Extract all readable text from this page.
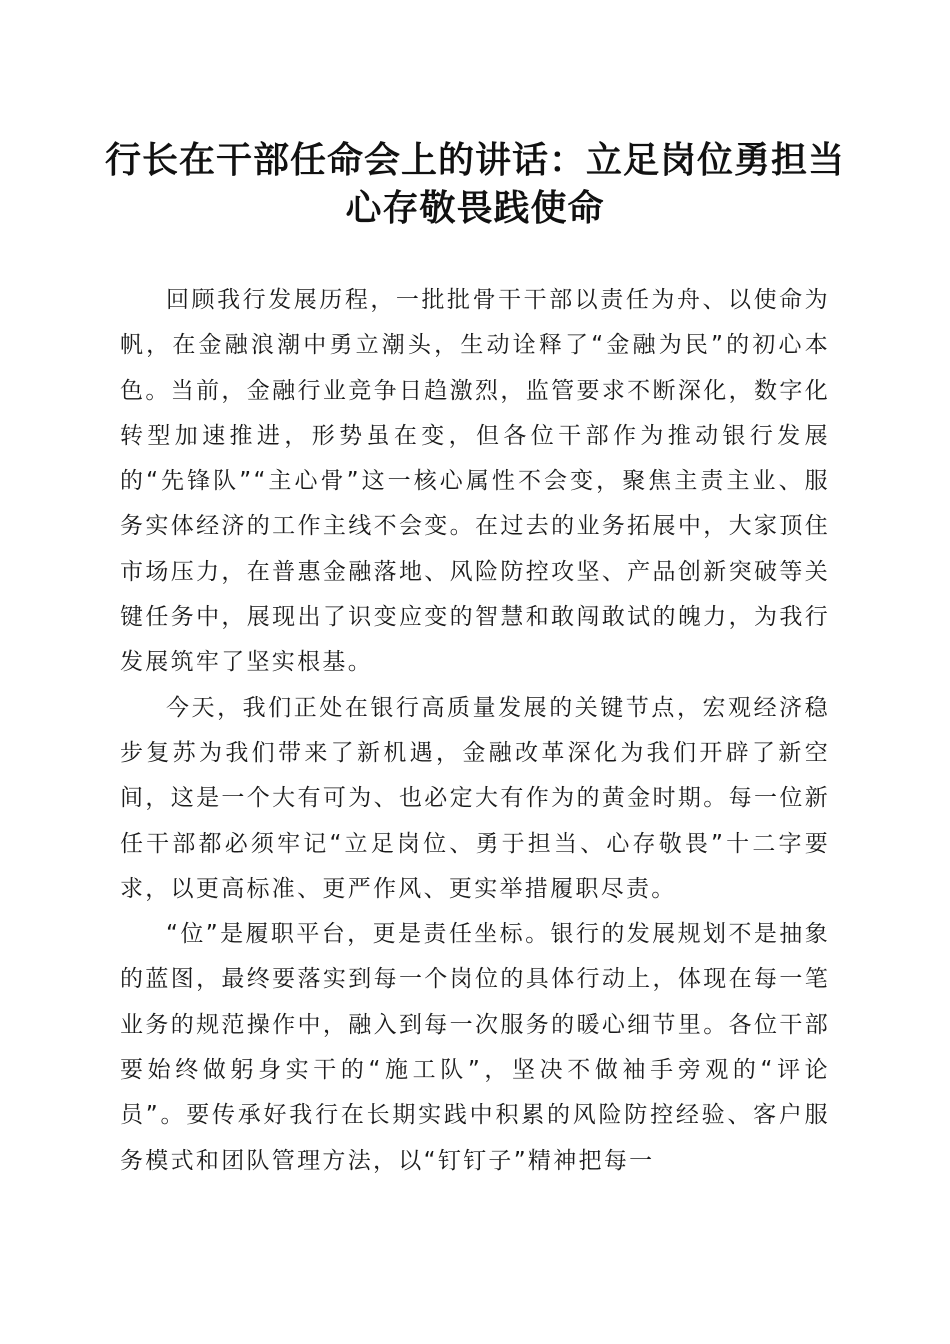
行长在干部任命会上的讲话：立足岗位勇担当
心存敬畏践使命

回顾我行发展历程，一批批骨干干部以责任为舟、以使命为帆，在金融浪潮中勇立潮头，生动诠释了“金融为民”的初心本色。当前，金融行业竞争日趋激烈，监管要求不断深化，数字化转型加速推进，形势虽在变，但各位干部作为推动银行发展的“先锋队”“主心骨”这一核心属性不会变，聚焦主责主业、服务实体经济的工作主线不会变。在过去的业务拓展中，大家顶住市场压力，在普惠金融落地、风险防控攻坚、产品创新突破等关键任务中，展现出了识变应变的智慧和敢闯敢试的魄力，为我行发展筑牢了坚实根基。

今天，我们正处在银行高质量发展的关键节点，宏观经济稳步复苏为我们带来了新机遇，金融改革深化为我们开辟了新空间，这是一个大有可为、也必定大有作为的黄金时期。每一位新任干部都必须牢记“立足岗位、勇于担当、心存敬畏”十二字要求，以更高标准、更严作风、更实举措履职尽责。

“位”是履职平台，更是责任坐标。银行的发展规划不是抽象的蓝图，最终要落实到每一个岗位的具体行动上，体现在每一笔业务的规范操作中，融入到每一次服务的暖心细节里。各位干部要始终做躬身实干的“施工队”，坚决不做袖手旁观的“评论员”。要传承好我行在长期实践中积累的风险防控经验、客户服务模式和团队管理方法，以“钉钉子”精神把每一
